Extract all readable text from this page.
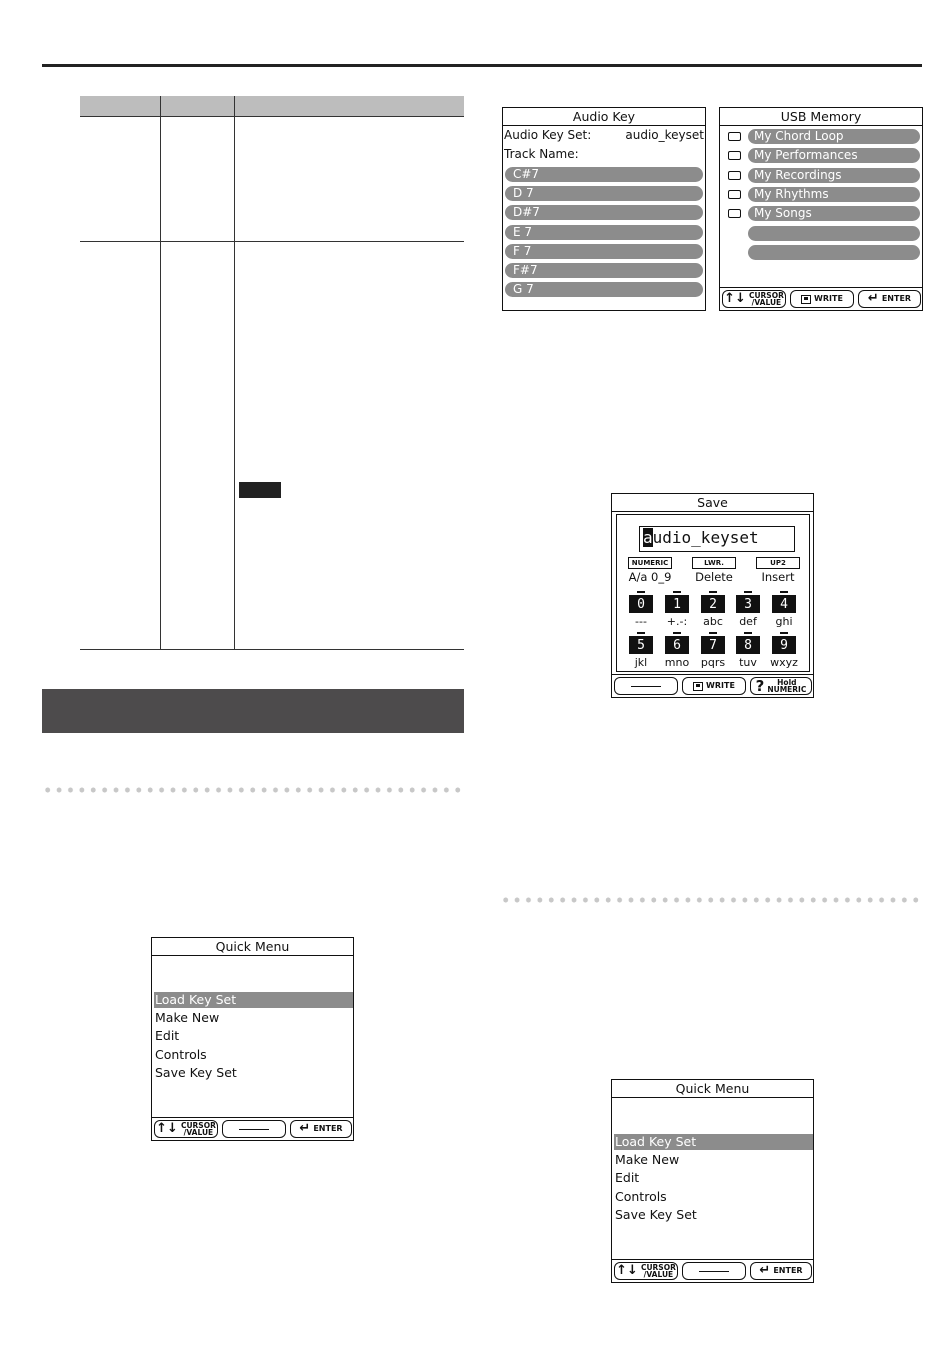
Audio Key
Audio Key Set:	audio_keyset
Track Name:
C#7
D 7
D#7
E 7
F 7
F#7
G 7
USB Memory
My Chord Loop
My Performances
My Recordings
My Rhythms
My Songs
↑↓ CURSOR
/VALUE	WRITE ↵ ENTER
Save
audio_keyset
NUMERIC
A/a 0_9
LWR.
Delete
UP2
Insert
0
---
1
+.-:
2
abc
3
def
4
ghi
5
jkl
6
mno
7
pqrs
8
tuv
9
wxyz
WRITE ?	Hold
NUMERIC
Quick Menu
Load Key Set
Make New
Edit
Controls
Save Key Set
↑↓ CURSOR
/VALUE	↵ ENTER
Quick Menu
Load Key Set
Make New
Edit
Controls
Save Key Set
↑↓ CURSOR
/VALUE	↵ ENTER
